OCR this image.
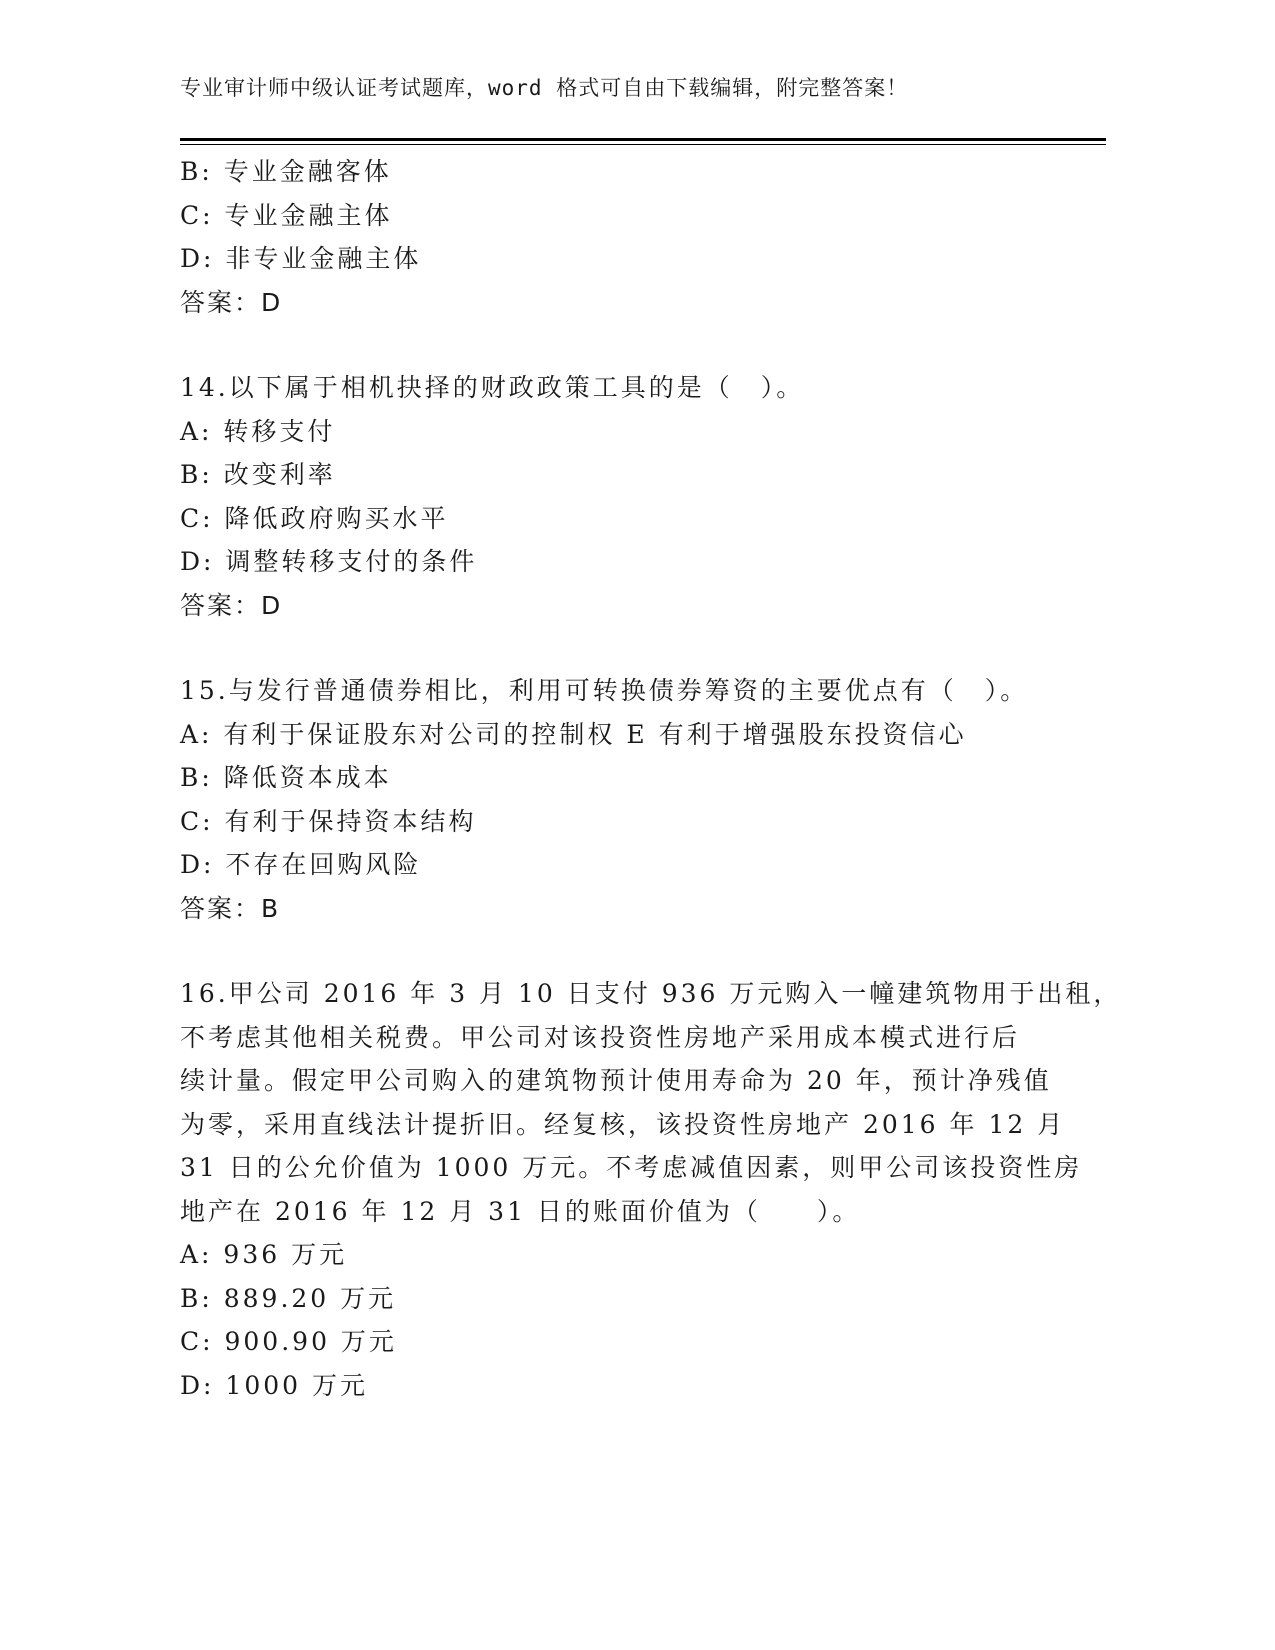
专业审计师中级认证考试题库，word 格式可自由下载编辑，附完整答案！
B: 专业金融客体
C: 专业金融主体
D: 非专业金融主体
答案：D
14.以下属于相机抉择的财政政策工具的是（　）。
A: 转移支付
B: 改变利率
C: 降低政府购买水平
D: 调整转移支付的条件
答案：D
15.与发行普通债券相比，利用可转换债券筹资的主要优点有（　）。
A: 有利于保证股东对公司的控制权 E 有利于增强股东投资信心
B: 降低资本成本
C: 有利于保持资本结构
D: 不存在回购风险
答案：B
16.甲公司 2016 年 3 月 10 日支付 936 万元购入一幢建筑物用于出租，
不考虑其他相关税费。甲公司对该投资性房地产采用成本模式进行后
续计量。假定甲公司购入的建筑物预计使用寿命为 20 年，预计净残值
为零，采用直线法计提折旧。经复核，该投资性房地产 2016 年 12 月
31 日的公允价值为 1000 万元。不考虑减值因素，则甲公司该投资性房
地产在 2016 年 12 月 31 日的账面价值为（　　）。
A: 936 万元
B: 889.20 万元
C: 900.90 万元
D: 1000 万元
